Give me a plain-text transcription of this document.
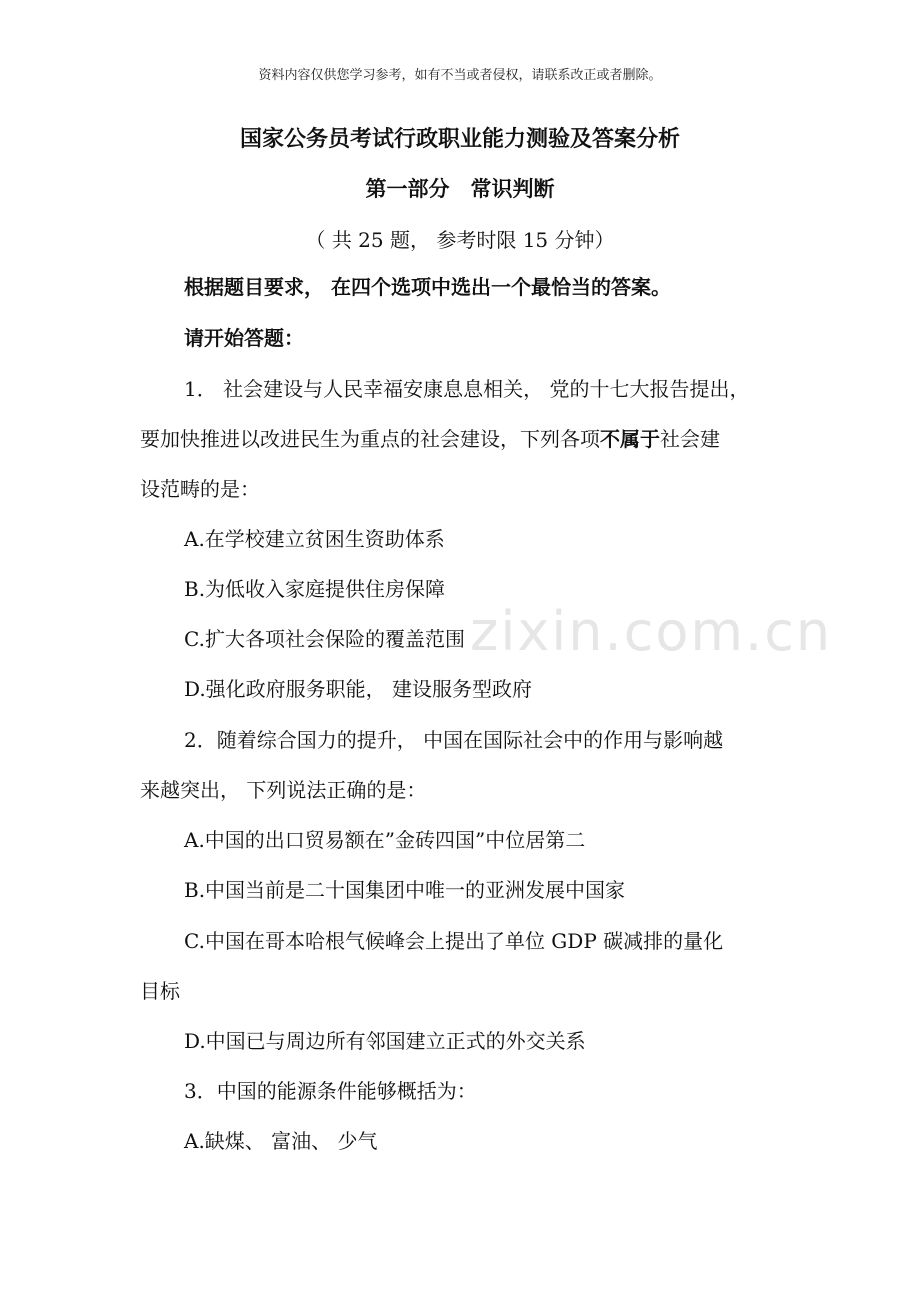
zixin.com.cn
资料内容仅供您学习参考，如有不当或者侵权，请联系改正或者删除。
国家公务员考试行政职业能力测验及答案分析
第一部分　常识判断
（ 共 25 题， 参考时限 15 分钟）
根据题目要求， 在四个选项中选出一个最恰当的答案。
请开始答题：
1． 社会建设与人民幸福安康息息相关， 党的十七大报告提出，
要加快推进以改进民生为重点的社会建设，下列各项不属于社会建
设范畴的是：
A.在学校建立贫困生资助体系
B.为低收入家庭提供住房保障
C.扩大各项社会保险的覆盖范围
D.强化政府服务职能， 建设服务型政府
2．随着综合国力的提升， 中国在国际社会中的作用与影响越
来越突出， 下列说法正确的是：
A.中国的出口贸易额在”金砖四国”中位居第二
B.中国当前是二十国集团中唯一的亚洲发展中国家
C.中国在哥本哈根气候峰会上提出了单位 GDP 碳减排的量化
目标
D.中国已与周边所有邻国建立正式的外交关系
3．中国的能源条件能够概括为：
A.缺煤、 富油、 少气
